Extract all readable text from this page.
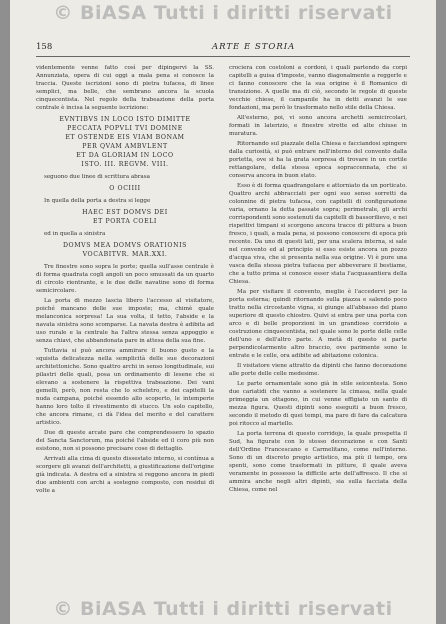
© BiASA Tutti i diritti riservati
158	ARTE E STORIA

videntemente venne fatto così per dipingervi la SS. Annunziata, opera di cui oggi a mala pena si conosce la traccia. Queste iscrizioni sono di pietra tufacea, di linee semplici, ma belle, che sembrano ancora la scuola cinquecentista. Nel regolo della trabeazione della porta centrale è incisa la seguente iscrizione:

EVNTIBVS IN LOCO ISTO DIMITTE
PECCATA POPVLI TVI DOMINE
ET OSTENDE EIS VIAM BONAM
PER QVAM AMBVLENT
ET DA GLORIAM IN LOCO
ISTO. III. REGVM. VIII.

seguono due linee di scrittura abrasa

O OCIIII

In quella della porta a destra si legge

HAEC EST DOMVS DEI
ET PORTA COELI

ed in quella a sinistra

DOMVS MEA DOMVS ORATIONIS
VOCABITVR. MAR.XXI.

Tre finestre sono sopra le porte; quella sull'asse centrale è di forma quadrata cogli angoli un poco smussati da un quarto di circolo rientrante, e le due delle navatine sono di forma semicircolare.

La porta di mezzo lascia libero l'accesso al visitatore, poiché mancano delle sue imposte; ma, chimè quale melanconica sorpresa! La sua volta, il tetto, l'abside e la navata sinistra sono scomparse. La navata destra è adibita ad uso rurale e la centrale ha l'altra stessa senza appoggio e senza chiavi, che abbandonata pare in attesa della sua fine.

Tuttavia si può ancora ammirare il buono gusto e la squisita delicatezza nella semplicità delle sue decorazioni architettoniche. Sono quattro archi in senso longitudinale, sui pilastri delle quali, posa un ordinamento di lesene che si elevano a sostenere la rispettiva trabeazione. Dei vani gemelli, però, non resta che lo scheletro, e dei capitelli la nuda campana, poiché essendo allo scoperto, le intemperie hanno loro tolto il rivestimento di stucco. Un solo capitello, che ancora rimane, ci dà l'idea del merito e del carattere artistico.

Due di queste arcate pare che comprendessero lo spazio del Sancta Sanctorum, ma poiché l'abside ed il coro più non esistono, non si possono precisare cose di dettaglio.

Arrivati alla cima di questo dissestato interno, si contínua a scorgere gli avanzi dell'architetti, a giustificazione dell'origine già indicata. A destra ed a sinistra si reggono ancora in piedi due ambienti con archi a sostegno composto, con residui di volte a

crociera con costoloni a cordoni, i quali partendo da corpi capitelli a guisa d'imposte, vanno diagonalmente a reggerle e ci fanno conoscere che la sua origine è il Romanico di transizione. A quelle ma di ciò, secondo le regole di queste vecchie chiese, il campanile ha in detti avanzi le sue fondazioni, ma però lo trasformato nello stile della Chiesa.

All'esterno, poi, vi sono ancora archetti semicircolari, formati in laterizio, e finestre strette ed alte chiuse in muratura.

Ritornando sul piazzale della Chiesa e facciandosi spingere dalla curiosità, si può entrare nell'interno del convento dalla portetta, ove si ha la grata sorpresa di trovare in un cortile rettangolare, della stessa epoca sopraccennata, che si conserva ancora in buon stato.

Esso è di forma quadrangolare e attorniato da un porticato. Quattro archi abbracciati per ogni suo senso sorretti da colonnine di pietra tufacea, con capitelli di configurazione varia, ornano la detta passate sopra; perimetrale, gli archi corrispondenti sono sostenuti da capitelli di bassorilievo, e nei rispettivi timpani si scorgono ancora tracce di pittura a buon fresco, i quali, a mala pena, si possono conoscere di epoca più recente. Da uno di questi lati, per una scalera interna, si sale nel convento ed al principio si esso esiste ancora un pozzo d'acqua viva, che si presenta nella sua origine. Vi è pure una vasca della stessa pietra tufacea per abbeverare il bestiame, che a tutto prima si conosce esser stata l'acquasantiera della Chiesa.

Ma per visitare il convento, meglio è l'accedervi per la porta esterna; quindi ritornando sulla piazza e salendo poco tratto nella circostante vigna, si giunge all'abbasso del piano superiore di questo chiostro. Quivi si entra per una porta con arco e di belle proporzioni in un grandioso corridoio a costruzione cinquecentista, nel quale sono le porte delle celle dell'uno e dell'altro parte. A metà di questo si parte perpendicolarmente altro braccio, ove parimente sono le entrate e le celle, ora adibite ad abitazione colonica.

Il visitatore viene attratto da dipinti che fanno decorazione alle porte delle celle medesime.

Le parte ornamentale sono già in stile seicentesta. Sono due cariatidi che vanno a sostenere la cimasa, nella quale primeggia un ottagono, in cui venne effigiato un santo di mezza figura. Questi dipinti sono eseguiti a buon fresco, secondo il metodo di quei tempi, ma pare di fare da calcatura poi ritocco al martello.

La porta terrena di questo corridojo, la quale prospetta il Sud, ha figurate con lo stesso decorazione e con Santi dell'Ordine Francescano e Carmelitano, come nell'interno. Sono di un discreto pregio artistico, ma più il tempo, ora spenti, sono come trasformati in pitture, il quale aveva veramente in possesso la difficile arte dell'affresco. Il che si ammira anche negli altri dipinti, sia sulla facciata della Chiesa, come nel

© BiASA Tutti i diritti riservati
